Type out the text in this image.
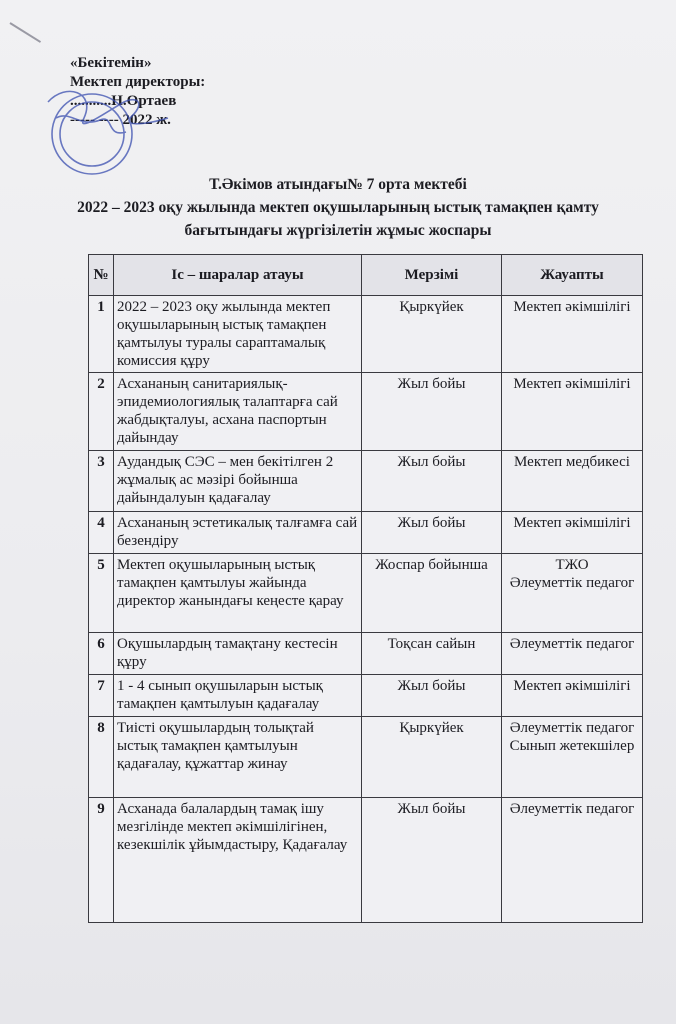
«Бекітемін»
Мектеп директоры:
...........Н.Ортаев
----- ---- 2022 ж.
Т.Әкімов атындағы№ 7 орта мектебі
2022 – 2023 оқу жылында мектеп оқушыларының ыстық тамақпен қамту
бағытындағы жүргізілетін жұмыс жоспары
№	Іс – шаралар атауы	Мерзімі	Жауапты
1	2022 – 2023 оқу жылында мектеп оқушыларының ыстық тамақпен қамтылуы туралы сараптамалық комиссия құру	Қыркүйек	Мектеп әкімшілігі

2	Асхананың санитариялық-эпидемиологиялық талаптарға сай жабдықталуы, асхана паспортын дайындау	Жыл бойы	Мектеп әкімшілігі

3	Аудандық СЭС – мен бекітілген 2 жұмалық ас мәзірі бойынша дайындалуын қадағалау	Жыл бойы	Мектеп медбикесі

4	Асхананың эстетикалық талғамға сай безендіру	Жыл бойы	Мектеп әкімшілігі

5	Мектеп оқушыларының ыстық тамақпен қамтылуы жайында директор жанындағы кеңесте қарау	Жоспар бойынша	ТЖО
Әлеуметтік педагог

6	Оқушылардың тамақтану кестесін құру	Тоқсан сайын	Әлеуметтік педагог

7	1 - 4 сынып оқушыларын ыстық тамақпен қамтылуын қадағалау	Жыл бойы	Мектеп әкімшілігі

8	Тиісті оқушылардың толықтай ыстық тамақпен қамтылуын қадағалау, құжаттар жинау	Қыркүйек	Әлеуметтік педагог
Сынып жетекшілер

9	Асханада балалардың тамақ ішу мезгілінде мектеп әкімшілігінен, кезекшілік ұйымдастыру, Қадағалау	Жыл бойы	Әлеуметтік педагог
